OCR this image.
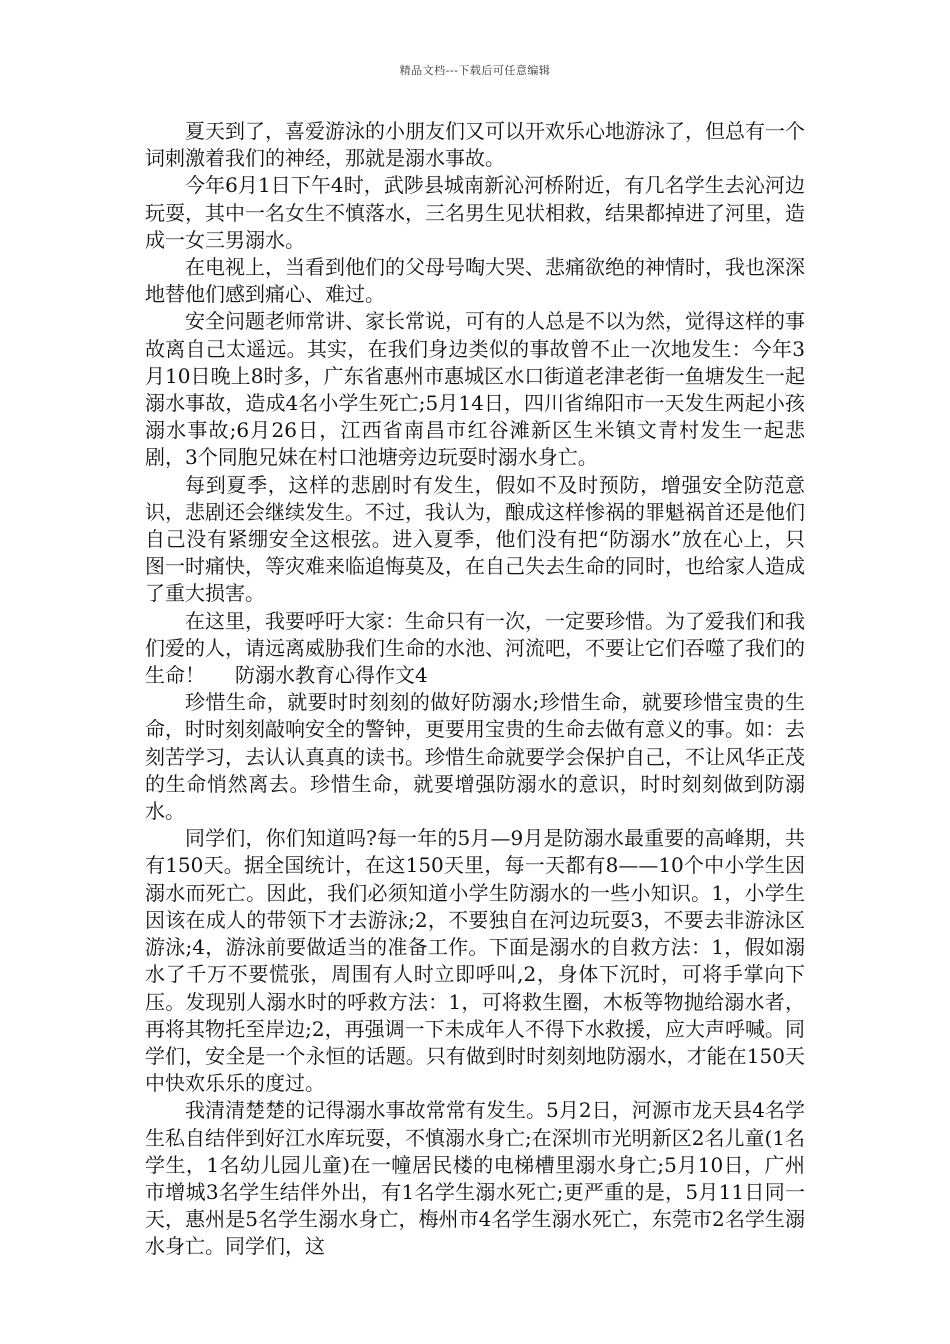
精品文档---下载后可任意编辑

夏天到了，喜爱游泳的小朋友们又可以开欢乐心地游泳了，但总有一个词刺激着我们的神经，那就是溺水事故。

今年6月1日下午4时，武陟县城南新沁河桥附近，有几名学生去沁河边玩耍，其中一名女生不慎落水，三名男生见状相救，结果都掉进了河里，造成一女三男溺水。

在电视上，当看到他们的父母号啕大哭、悲痛欲绝的神情时，我也深深地替他们感到痛心、难过。

安全问题老师常讲、家长常说，可有的人总是不以为然，觉得这样的事故离自己太遥远。其实，在我们身边类似的事故曾不止一次地发生：今年3月10日晚上8时多，广东省惠州市惠城区水口街道老津老街一鱼塘发生一起溺水事故，造成4名小学生死亡;5月14日，四川省绵阳市一天发生两起小孩溺水事故;6月26日，江西省南昌市红谷滩新区生米镇文青村发生一起悲剧，3个同胞兄妹在村口池塘旁边玩耍时溺水身亡。

每到夏季，这样的悲剧时有发生，假如不及时预防，增强安全防范意识，悲剧还会继续发生。不过，我认为，酿成这样惨祸的罪魁祸首还是他们自己没有紧绷安全这根弦。进入夏季，他们没有把“防溺水”放在心上，只图一时痛快，等灾难来临追悔莫及，在自己失去生命的同时，也给家人造成了重大损害。

在这里，我要呼吁大家：生命只有一次，一定要珍惜。为了爱我们和我们爱的人，请远离威胁我们生命的水池、河流吧，不要让它们吞噬了我们的生命！ 防溺水教育心得作文4

珍惜生命，就要时时刻刻的做好防溺水;珍惜生命，就要珍惜宝贵的生命，时时刻刻敲响安全的警钟，更要用宝贵的生命去做有意义的事。如：去刻苦学习，去认认真真的读书。珍惜生命就要学会保护自己，不让风华正茂的生命悄然离去。珍惜生命，就要增强防溺水的意识，时时刻刻做到防溺水。

同学们，你们知道吗?每一年的5月—9月是防溺水最重要的高峰期，共有150天。据全国统计，在这150天里，每一天都有8——10个中小学生因溺水而死亡。因此，我们必须知道小学生防溺水的一些小知识。1，小学生因该在成人的带领下才去游泳;2，不要独自在河边玩耍3，不要去非游泳区游泳;4，游泳前要做适当的准备工作。下面是溺水的自救方法：1，假如溺水了千万不要慌张，周围有人时立即呼叫,2，身体下沉时，可将手掌向下压。发现别人溺水时的呼救方法：1，可将救生圈，木板等物抛给溺水者，再将其物托至岸边;2，再强调一下未成年人不得下水救援，应大声呼喊。同学们，安全是一个永恒的话题。只有做到时时刻刻地防溺水，才能在150天中快欢乐乐的度过。

我清清楚楚的记得溺水事故常常有发生。5月2日，河源市龙天县4名学生私自结伴到好江水库玩耍，不慎溺水身亡;在深圳市光明新区2名儿童(1名学生，1名幼儿园儿童)在一幢居民楼的电梯槽里溺水身亡;5月10日，广州市增城3名学生结伴外出，有1名学生溺水死亡;更严重的是，5月11日同一天，惠州是5名学生溺水身亡，梅州市4名学生溺水死亡，东莞市2名学生溺水身亡。同学们，这
